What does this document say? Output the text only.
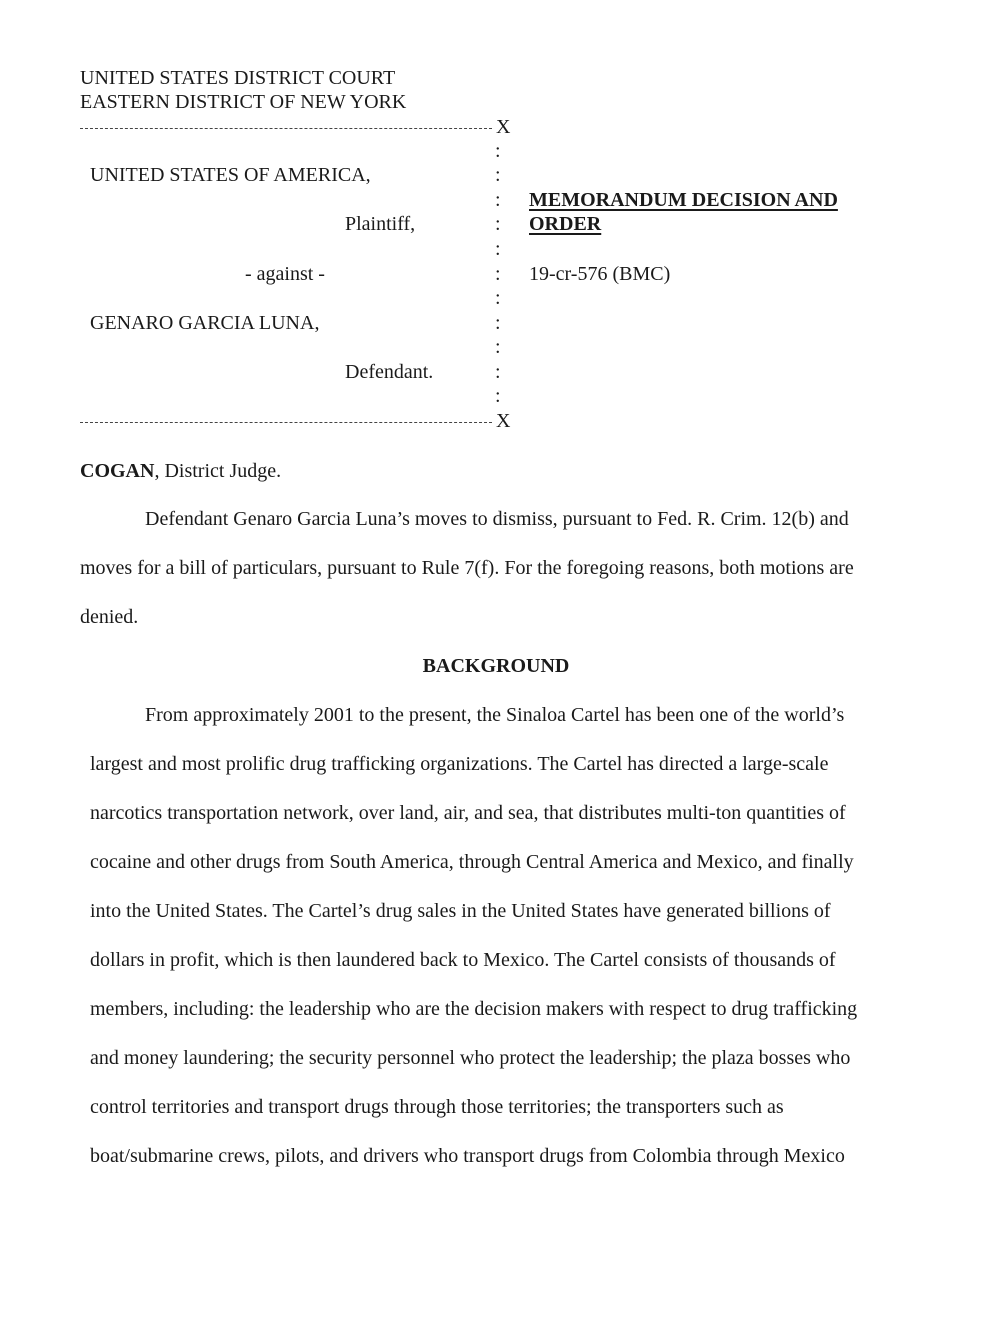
UNITED STATES DISTRICT COURT
EASTERN DISTRICT OF NEW YORK
X
:
:
:
:
:
:
:
:
:
:
:
UNITED STATES OF AMERICA,
Plaintiff,
- against -
GENARO GARCIA LUNA,
Defendant.
MEMORANDUM DECISION AND
ORDER
19-cr-576 (BMC)
X
COGAN, District Judge.
Defendant Genaro Garcia Luna’s moves to dismiss, pursuant to Fed. R. Crim. 12(b) and
moves for a bill of particulars, pursuant to Rule 7(f). For the foregoing reasons, both motions are
denied.
BACKGROUND
From approximately 2001 to the present, the Sinaloa Cartel has been one of the world’s
largest and most prolific drug trafficking organizations. The Cartel has directed a large-scale
narcotics transportation network, over land, air, and sea, that distributes multi-ton quantities of
cocaine and other drugs from South America, through Central America and Mexico, and finally
into the United States. The Cartel’s drug sales in the United States have generated billions of
dollars in profit, which is then laundered back to Mexico. The Cartel consists of thousands of
members, including: the leadership who are the decision makers with respect to drug trafficking
and money laundering; the security personnel who protect the leadership; the plaza bosses who
control territories and transport drugs through those territories; the transporters such as
boat/submarine crews, pilots, and drivers who transport drugs from Colombia through Mexico
